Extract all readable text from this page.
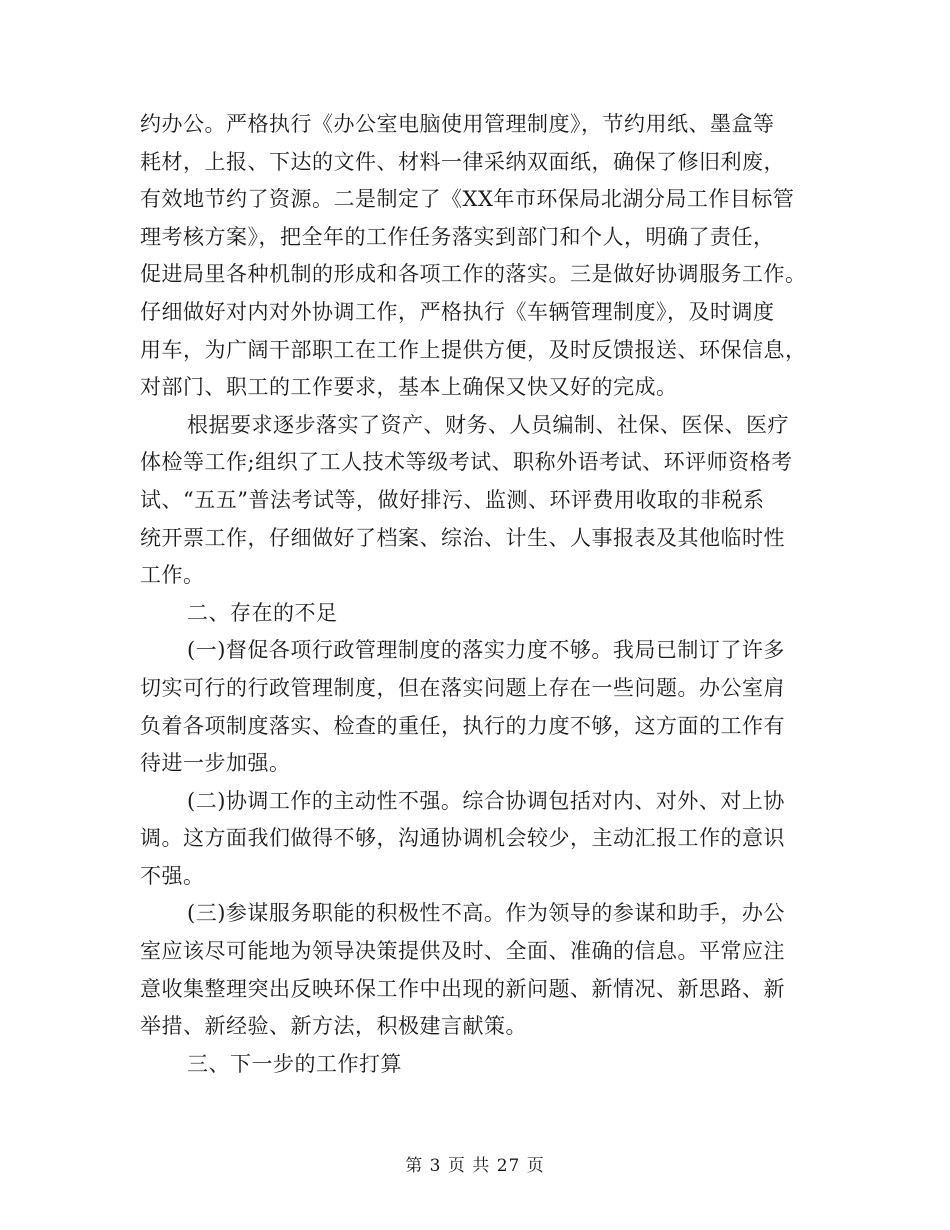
约办公。严格执行《办公室电脑使用管理制度》，节约用纸、墨盒等
耗材，上报、下达的文件、材料一律采纳双面纸，确保了修旧利废，
有效地节约了资源。二是制定了《XX年市环保局北湖分局工作目标管
理考核方案》，把全年的工作任务落实到部门和个人，明确了责任，
促进局里各种机制的形成和各项工作的落实。三是做好协调服务工作。
仔细做好对内对外协调工作，严格执行《车辆管理制度》，及时调度
用车，为广阔干部职工在工作上提供方便，及时反馈报送、环保信息，
对部门、职工的工作要求，基本上确保又快又好的完成。
根据要求逐步落实了资产、财务、人员编制、社保、医保、医疗
体检等工作;组织了工人技术等级考试、职称外语考试、环评师资格考
试、“五五”普法考试等，做好排污、监测、环评费用收取的非税系
统开票工作，仔细做好了档案、综治、计生、人事报表及其他临时性
工作。
二、存在的不足
(一)督促各项行政管理制度的落实力度不够。我局已制订了许多
切实可行的行政管理制度，但在落实问题上存在一些问题。办公室肩
负着各项制度落实、检查的重任，执行的力度不够，这方面的工作有
待进一步加强。
(二)协调工作的主动性不强。综合协调包括对内、对外、对上协
调。这方面我们做得不够，沟通协调机会较少，主动汇报工作的意识
不强。
(三)参谋服务职能的积极性不高。作为领导的参谋和助手，办公
室应该尽可能地为领导决策提供及时、全面、准确的信息。平常应注
意收集整理突出反映环保工作中出现的新问题、新情况、新思路、新
举措、新经验、新方法，积极建言献策。
三、下一步的工作打算
第 3 页 共 27 页
